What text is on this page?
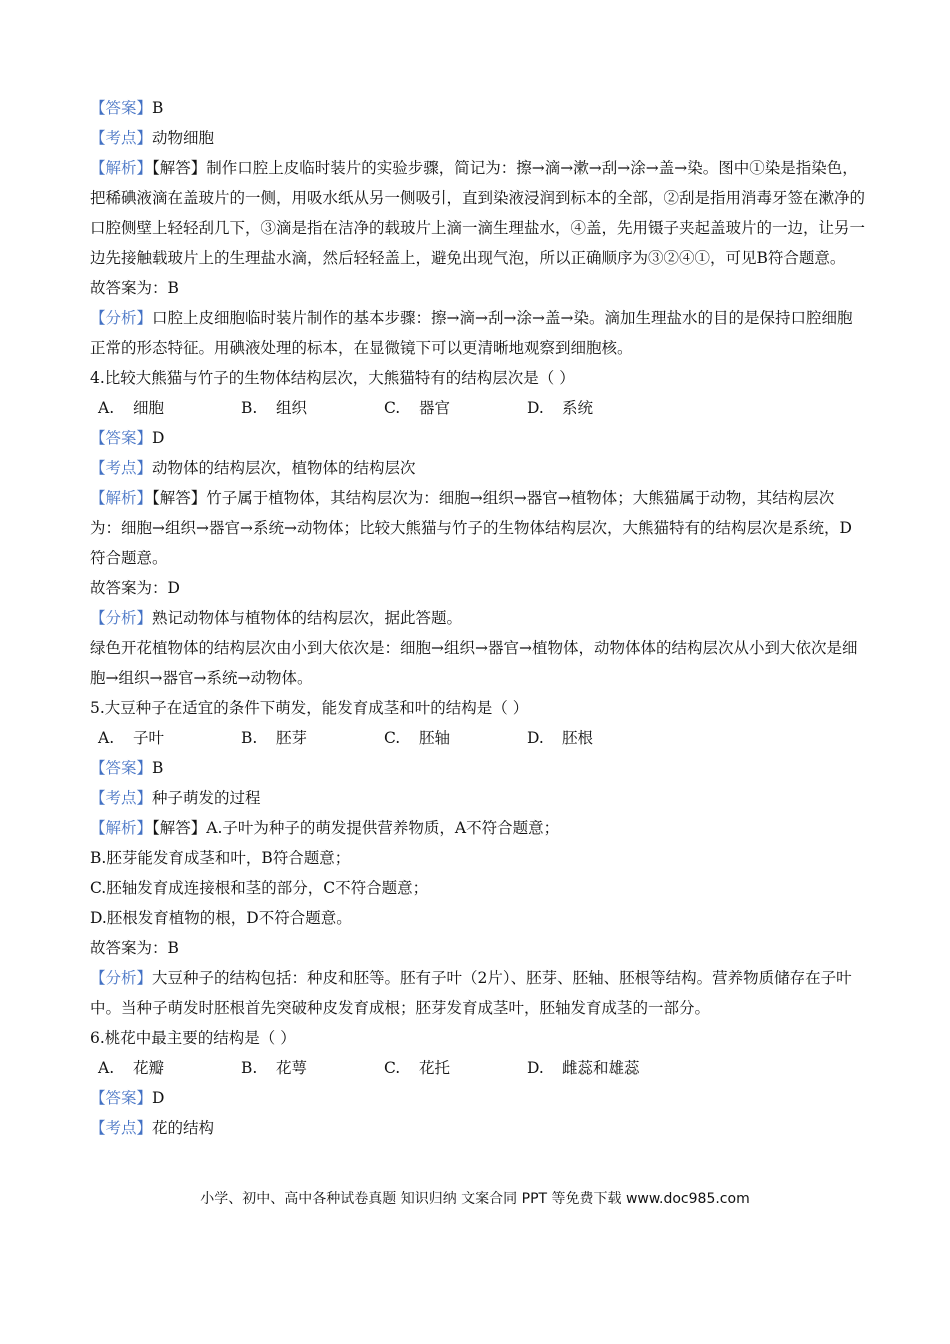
【答案】B
【考点】动物细胞
【解析】【解答】制作口腔上皮临时装片的实验步骤，简记为：擦→滴→漱→刮→涂→盖→染。图中①染是指染色，把稀碘液滴在盖玻片的一侧，用吸水纸从另一侧吸引，直到染液浸润到标本的全部，②刮是指用消毒牙签在漱净的口腔侧壁上轻轻刮几下，③滴是指在洁净的载玻片上滴一滴生理盐水，④盖，先用镊子夹起盖玻片的一边，让另一边先接触载玻片上的生理盐水滴，然后轻轻盖上，避免出现气泡，所以正确顺序为③②④①，可见B符合题意。
故答案为：B
【分析】口腔上皮细胞临时装片制作的基本步骤：擦→滴→刮→涂→盖→染。滴加生理盐水的目的是保持口腔细胞正常的形态特征。用碘液处理的标本，在显微镜下可以更清晰地观察到细胞核。
4.比较大熊猫与竹子的生物体结构层次，大熊猫特有的结构层次是（ ）
A. 细胞	B. 组织	C. 器官	D. 系统
【答案】D
【考点】动物体的结构层次，植物体的结构层次
【解析】【解答】竹子属于植物体，其结构层次为：细胞→组织→器官→植物体；大熊猫属于动物，其结构层次为：细胞→组织→器官→系统→动物体；比较大熊猫与竹子的生物体结构层次，大熊猫特有的结构层次是系统，D符合题意。
故答案为：D
【分析】熟记动物体与植物体的结构层次，据此答题。
绿色开花植物体的结构层次由小到大依次是：细胞→组织→器官→植物体，动物体体的结构层次从小到大依次是细胞→组织→器官→系统→动物体。
5.大豆种子在适宜的条件下萌发，能发育成茎和叶的结构是（ ）
A. 子叶	B. 胚芽	C. 胚轴	D. 胚根
【答案】B
【考点】种子萌发的过程
【解析】【解答】A.子叶为种子的萌发提供营养物质，A不符合题意；
B.胚芽能发育成茎和叶，B符合题意；
C.胚轴发育成连接根和茎的部分，C不符合题意；
D.胚根发育植物的根，D不符合题意。
故答案为：B
【分析】大豆种子的结构包括：种皮和胚等。胚有子叶（2片）、胚芽、胚轴、胚根等结构。营养物质储存在子叶中。当种子萌发时胚根首先突破种皮发育成根；胚芽发育成茎叶，胚轴发育成茎的一部分。
6.桃花中最主要的结构是（ ）
A. 花瓣	B. 花萼	C. 花托	D. 雌蕊和雄蕊
【答案】D
【考点】花的结构
小学、初中、高中各种试卷真题 知识归纳 文案合同 PPT 等免费下载 www.doc985.com
